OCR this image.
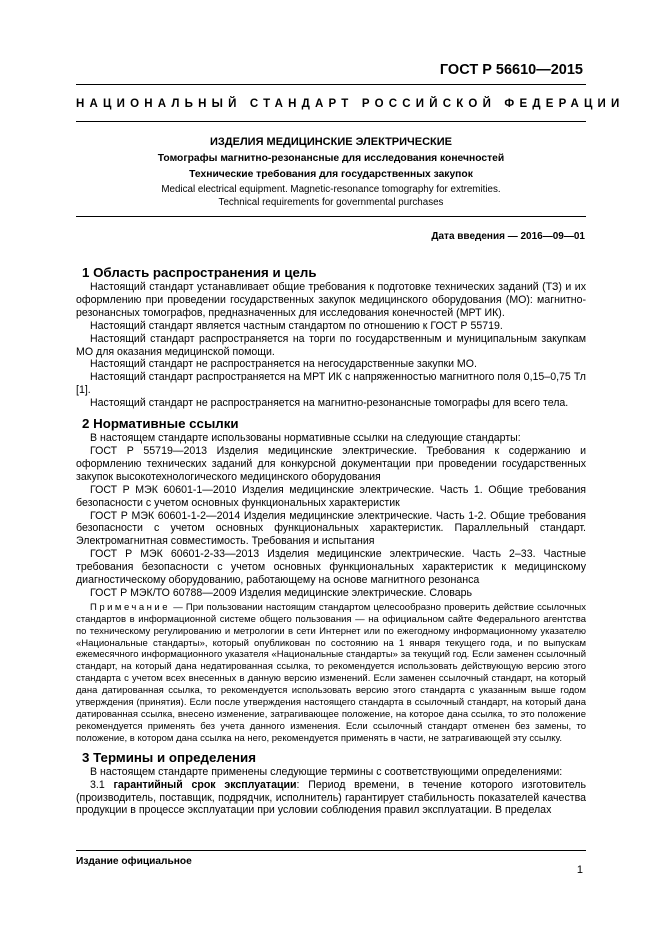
ГОСТ Р 56610—2015
НАЦИОНАЛЬНЫЙ СТАНДАРТ РОССИЙСКОЙ ФЕДЕРАЦИИ
ИЗДЕЛИЯ МЕДИЦИНСКИЕ ЭЛЕКТРИЧЕСКИЕ
Томографы магнитно-резонансные для исследования конечностей
Технические требования для государственных закупок
Medical electrical equipment. Magnetic-resonance tomography for extremities.
Technical requirements for governmental purchases
Дата введения — 2016—09—01
1 Область распространения и цель

Настоящий стандарт устанавливает общие требования к подготовке технических заданий (ТЗ) и их оформлению при проведении государственных закупок медицинского оборудования (МО): магнитно-резонансных томографов, предназначенных для исследования конечностей (МРТ ИК).

Настоящий стандарт является частным стандартом по отношению к ГОСТ Р 55719.

Настоящий стандарт распространяется на торги по государственным и муниципальным закупкам МО для оказания медицинской помощи.

Настоящий стандарт не распространяется на негосударственные закупки МО.

Настоящий стандарт распространяется на МРТ ИК с напряженностью магнитного поля 0,15–0,75 Тл [1].

Настоящий стандарт не распространяется на магнитно-резонансные томографы для всего тела.

2 Нормативные ссылки

В настоящем стандарте использованы нормативные ссылки на следующие стандарты:

ГОСТ Р 55719—2013 Изделия медицинские электрические. Требования к содержанию и оформлению технических заданий для конкурсной документации при проведении государственных закупок высокотехнологического медицинского оборудования

ГОСТ Р МЭК 60601-1—2010 Изделия медицинские электрические. Часть 1. Общие требования безопасности с учетом основных функциональных характеристик

ГОСТ Р МЭК 60601-1-2—2014 Изделия медицинские электрические. Часть 1-2. Общие требования безопасности с учетом основных функциональных характеристик. Параллельный стандарт. Электромагнитная совместимость. Требования и испытания

ГОСТ Р МЭК 60601-2-33—2013 Изделия медицинские электрические. Часть 2–33. Частные требования безопасности с учетом основных функциональных характеристик к медицинскому диагностическому оборудованию, работающему на основе магнитного резонанса

ГОСТ Р МЭК/ТО 60788—2009 Изделия медицинские электрические. Словарь

Примечание — При пользовании настоящим стандартом целесообразно проверить действие ссылочных стандартов в информационной системе общего пользования — на официальном сайте Федерального агентства по техническому регулированию и метрологии в сети Интернет или по ежегодному информационному указателю «Национальные стандарты», который опубликован по состоянию на 1 января текущего года, и по выпускам ежемесячного информационного указателя «Национальные стандарты» за текущий год. Если заменен ссылочный стандарт, на который дана недатированная ссылка, то рекомендуется использовать действующую версию этого стандарта с учетом всех внесенных в данную версию изменений. Если заменен ссылочный стандарт, на который дана датированная ссылка, то рекомендуется использовать версию этого стандарта с указанным выше годом утверждения (принятия). Если после утверждения настоящего стандарта в ссылочный стандарт, на который дана датированная ссылка, внесено изменение, затрагивающее положение, на которое дана ссылка, то это положение рекомендуется применять без учета данного изменения. Если ссылочный стандарт отменен без замены, то положение, в котором дана ссылка на него, рекомендуется применять в части, не затрагивающей эту ссылку.

3 Термины и определения

В настоящем стандарте применены следующие термины с соответствующими определениями:

3.1 гарантийный срок эксплуатации: Период времени, в течение которого изготовитель (производитель, поставщик, подрядчик, исполнитель) гарантирует стабильность показателей качества продукции в процессе эксплуатации при условии соблюдения правил эксплуатации. В пределах

Издание официальное
1
